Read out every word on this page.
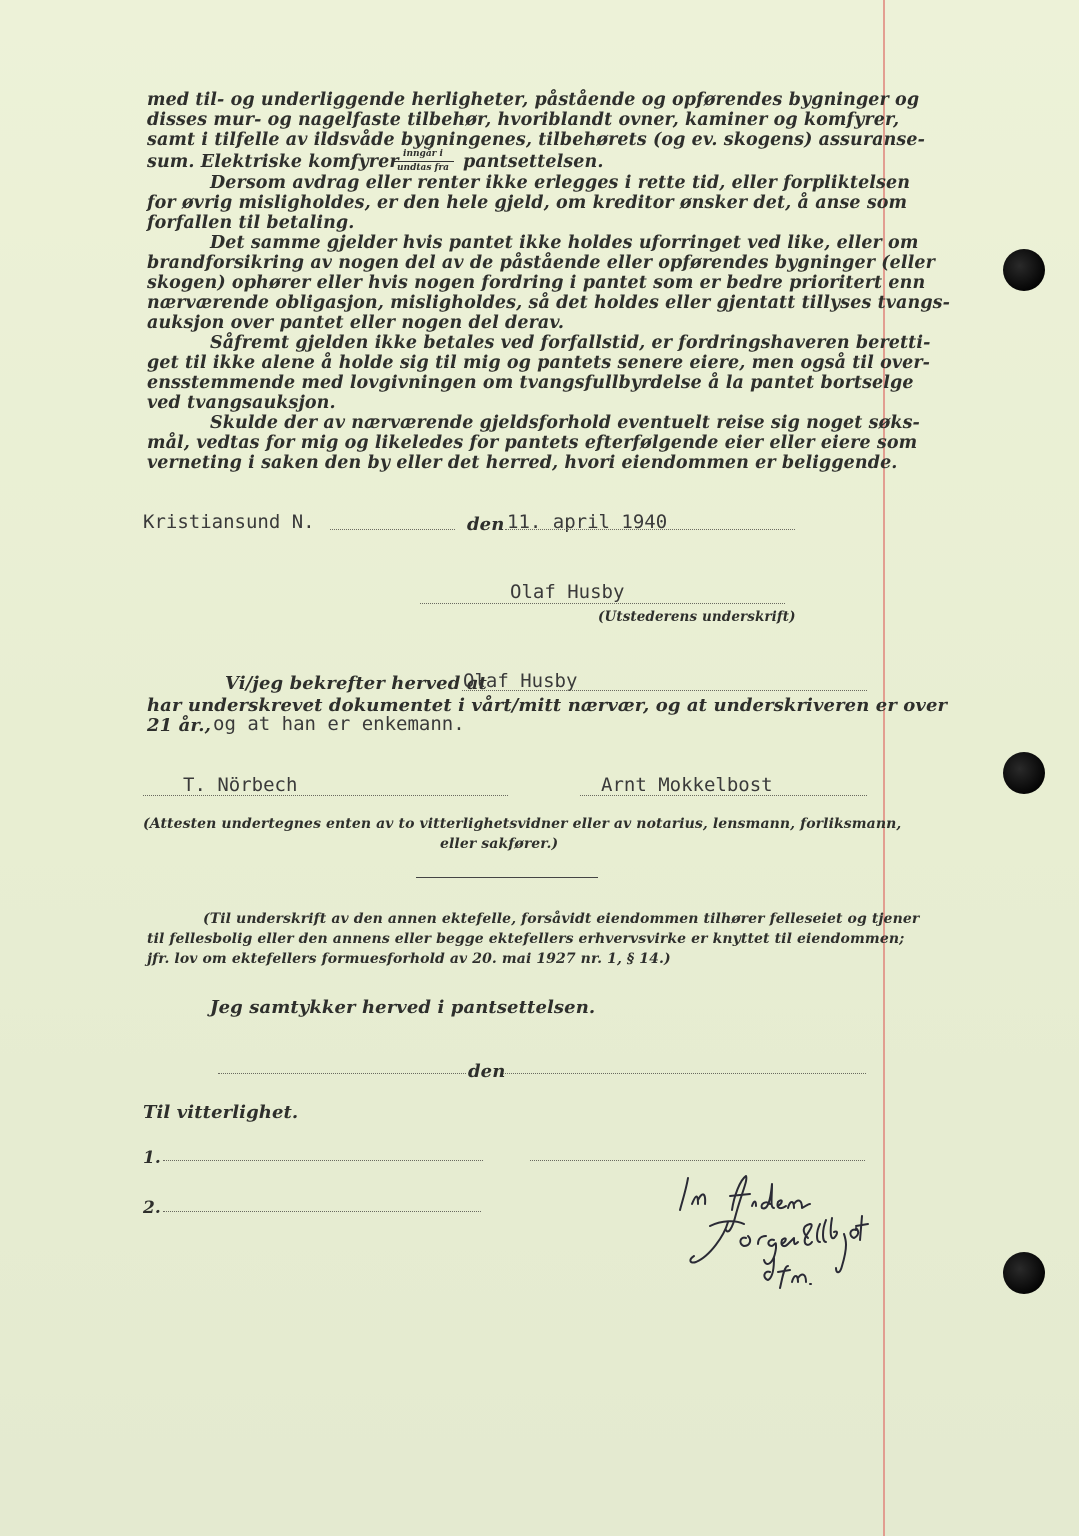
med til- og underliggende herligheter, påstående og opførendes bygninger og
disses mur- og nagelfaste tilbehør, hvoriblandt ovner, kaminer og komfyrer,
samt i tilfelle av ildsvåde bygningenes, tilbehørets (og ev. skogens) assuranse-
sum. Elektriske komfyrer inngår i
undtas fra pantsettelsen.
Dersom avdrag eller renter ikke erlegges i rette tid, eller forpliktelsen
for øvrig misligholdes, er den hele gjeld, om kreditor ønsker det, å anse som
forfallen til betaling.
Det samme gjelder hvis pantet ikke holdes uforringet ved like, eller om
brandforsikring av nogen del av de påstående eller opførendes bygninger (eller
skogen) ophører eller hvis nogen fordring i pantet som er bedre prioritert enn
nærværende obligasjon, misligholdes, så det holdes eller gjentatt tillyses tvangs-
auksjon over pantet eller nogen del derav.
Såfremt gjelden ikke betales ved forfallstid, er fordringshaveren beretti-
get til ikke alene å holde sig til mig og pantets senere eiere, men også til over-
ensstemmende med lovgivningen om tvangsfullbyrdelse å la pantet bortselge
ved tvangsauksjon.
Skulde der av nærværende gjeldsforhold eventuelt reise sig noget søks-
mål, vedtas for mig og likeledes for pantets efterfølgende eier eller eiere som
verneting i saken den by eller det herred, hvori eiendommen er beliggende.
Kristiansund N.	den 11. april 1940
Olaf Husby
(Utstederens underskrift)
Vi/jeg bekrefter herved at
Olaf Husby
har underskrevet dokumentet i vårt/mitt nærvær, og at underskriveren er over
21 år., og at han er enkemann.
T. Nörbech	Arnt Mokkelbost
(Attesten undertegnes enten av to vitterlighetsvidner eller av notarius, lensmann, forliksmann,
eller sakfører.)
(Til underskrift av den annen ektefelle, forsåvidt eiendommen tilhører felleseiet og tjener
til fellesbolig eller den annens eller begge ektefellers erhvervsvirke er knyttet til eiendommen;
jfr. lov om ektefellers formuesforhold av 20. mai 1927 nr. 1, § 14.)
Jeg samtykker herved i pantsettelsen.
den
Til vitterlighet.
1.
2.
